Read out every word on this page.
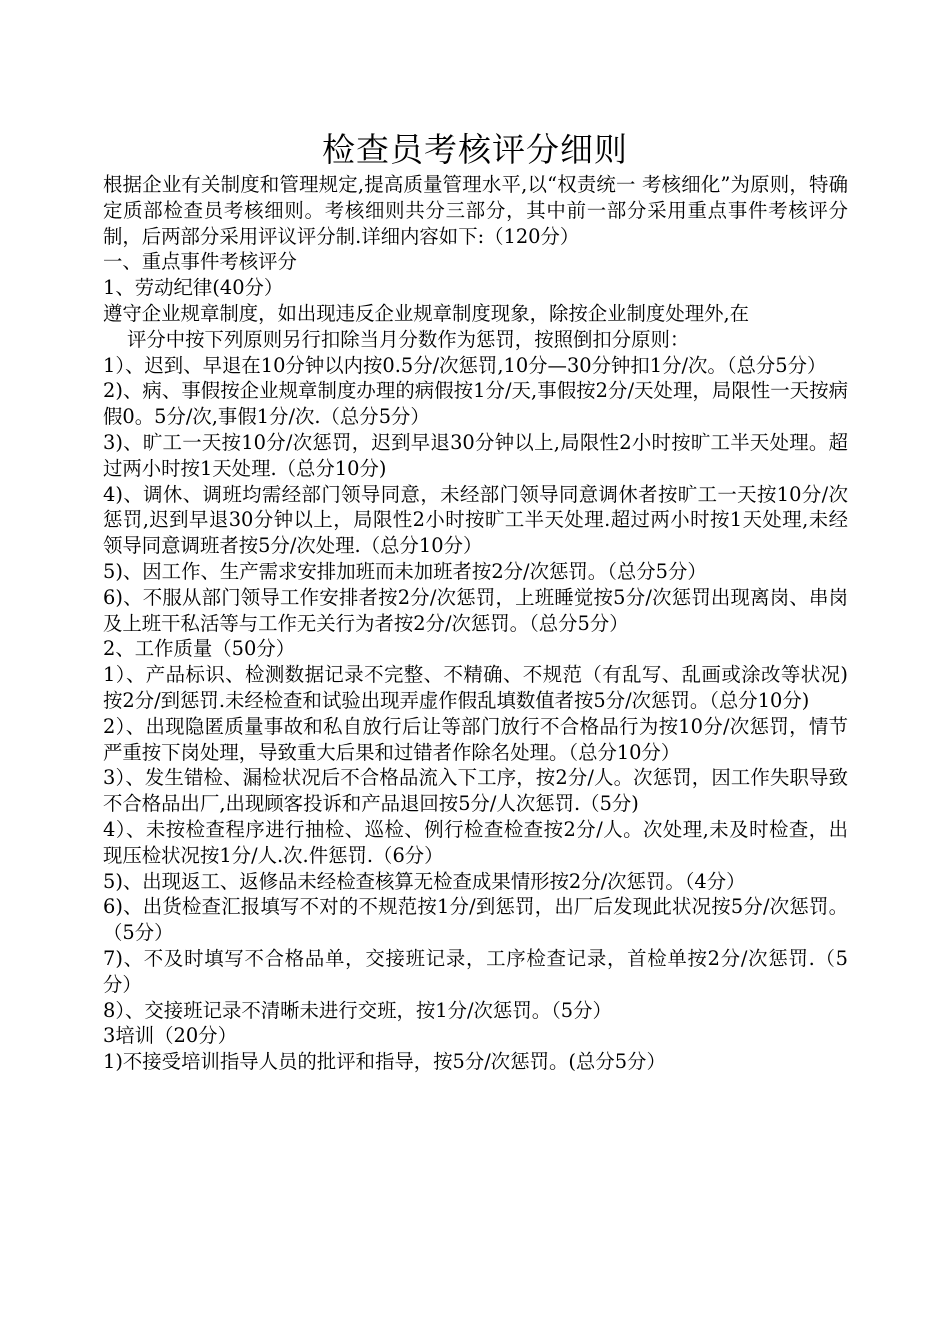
检查员考核评分细则

根据企业有关制度和管理规定,提高质量管理水平,以“权责统一 考核细化”为原则，特确定质部检查员考核细则。考核细则共分三部分，其中前一部分采用重点事件考核评分制，后两部分采用评议评分制.详细内容如下:（120分）

一、重点事件考核评分

1、劳动纪律(40分）

遵守企业规章制度，如出现违反企业规章制度现象，除按企业制度处理外,在
评分中按下列原则另行扣除当月分数作为惩罚，按照倒扣分原则：

1）、迟到、早退在10分钟以内按0.5分/次惩罚,10分—30分钟扣1分/次。（总分5分）

2)、病、事假按企业规章制度办理的病假按1分/天,事假按2分/天处理，局限性一天按病假0。5分/次,事假1分/次.（总分5分）

3)、旷工一天按10分/次惩罚，迟到早退30分钟以上,局限性2小时按旷工半天处理。超过两小时按1天处理.（总分10分)

4)、调休、调班均需经部门领导同意，未经部门领导同意调休者按旷工一天按10分/次惩罚,迟到早退30分钟以上，局限性2小时按旷工半天处理.超过两小时按1天处理,未经领导同意调班者按5分/次处理.（总分10分）

5)、因工作、生产需求安排加班而未加班者按2分/次惩罚。（总分5分）

6)、不服从部门领导工作安排者按2分/次惩罚，上班睡觉按5分/次惩罚出现离岗、串岗及上班干私活等与工作无关行为者按2分/次惩罚。（总分5分）

2、工作质量（50分）

1）、产品标识、检测数据记录不完整、不精确、不规范（有乱写、乱画或涂改等状况)按2分/到惩罚.未经检查和试验出现弄虚作假乱填数值者按5分/次惩罚。（总分10分)

2）、出现隐匿质量事故和私自放行后让等部门放行不合格品行为按10分/次惩罚，情节严重按下岗处理，导致重大后果和过错者作除名处理。（总分10分）

3）、发生错检、漏检状况后不合格品流入下工序，按2分/人。次惩罚，因工作失职导致不合格品出厂,出现顾客投诉和产品退回按5分/人次惩罚.（5分)

4）、未按检查程序进行抽检、巡检、例行检查检查按2分/人。次处理,未及时检查，出现压检状况按1分/人.次.件惩罚.（6分）

5)、出现返工、返修品未经检查核算无检查成果情形按2分/次惩罚。（4分）

6)、出货检查汇报填写不对的不规范按1分/到惩罚，出厂后发现此状况按5分/次惩罚。（5分）

7)、不及时填写不合格品单，交接班记录，工序检查记录，首检单按2分/次惩罚.（5分）

8）、交接班记录不清晰未进行交班，按1分/次惩罚。（5分）

3培训（20分）

1)不接受培训指导人员的批评和指导，按5分/次惩罚。(总分5分）
